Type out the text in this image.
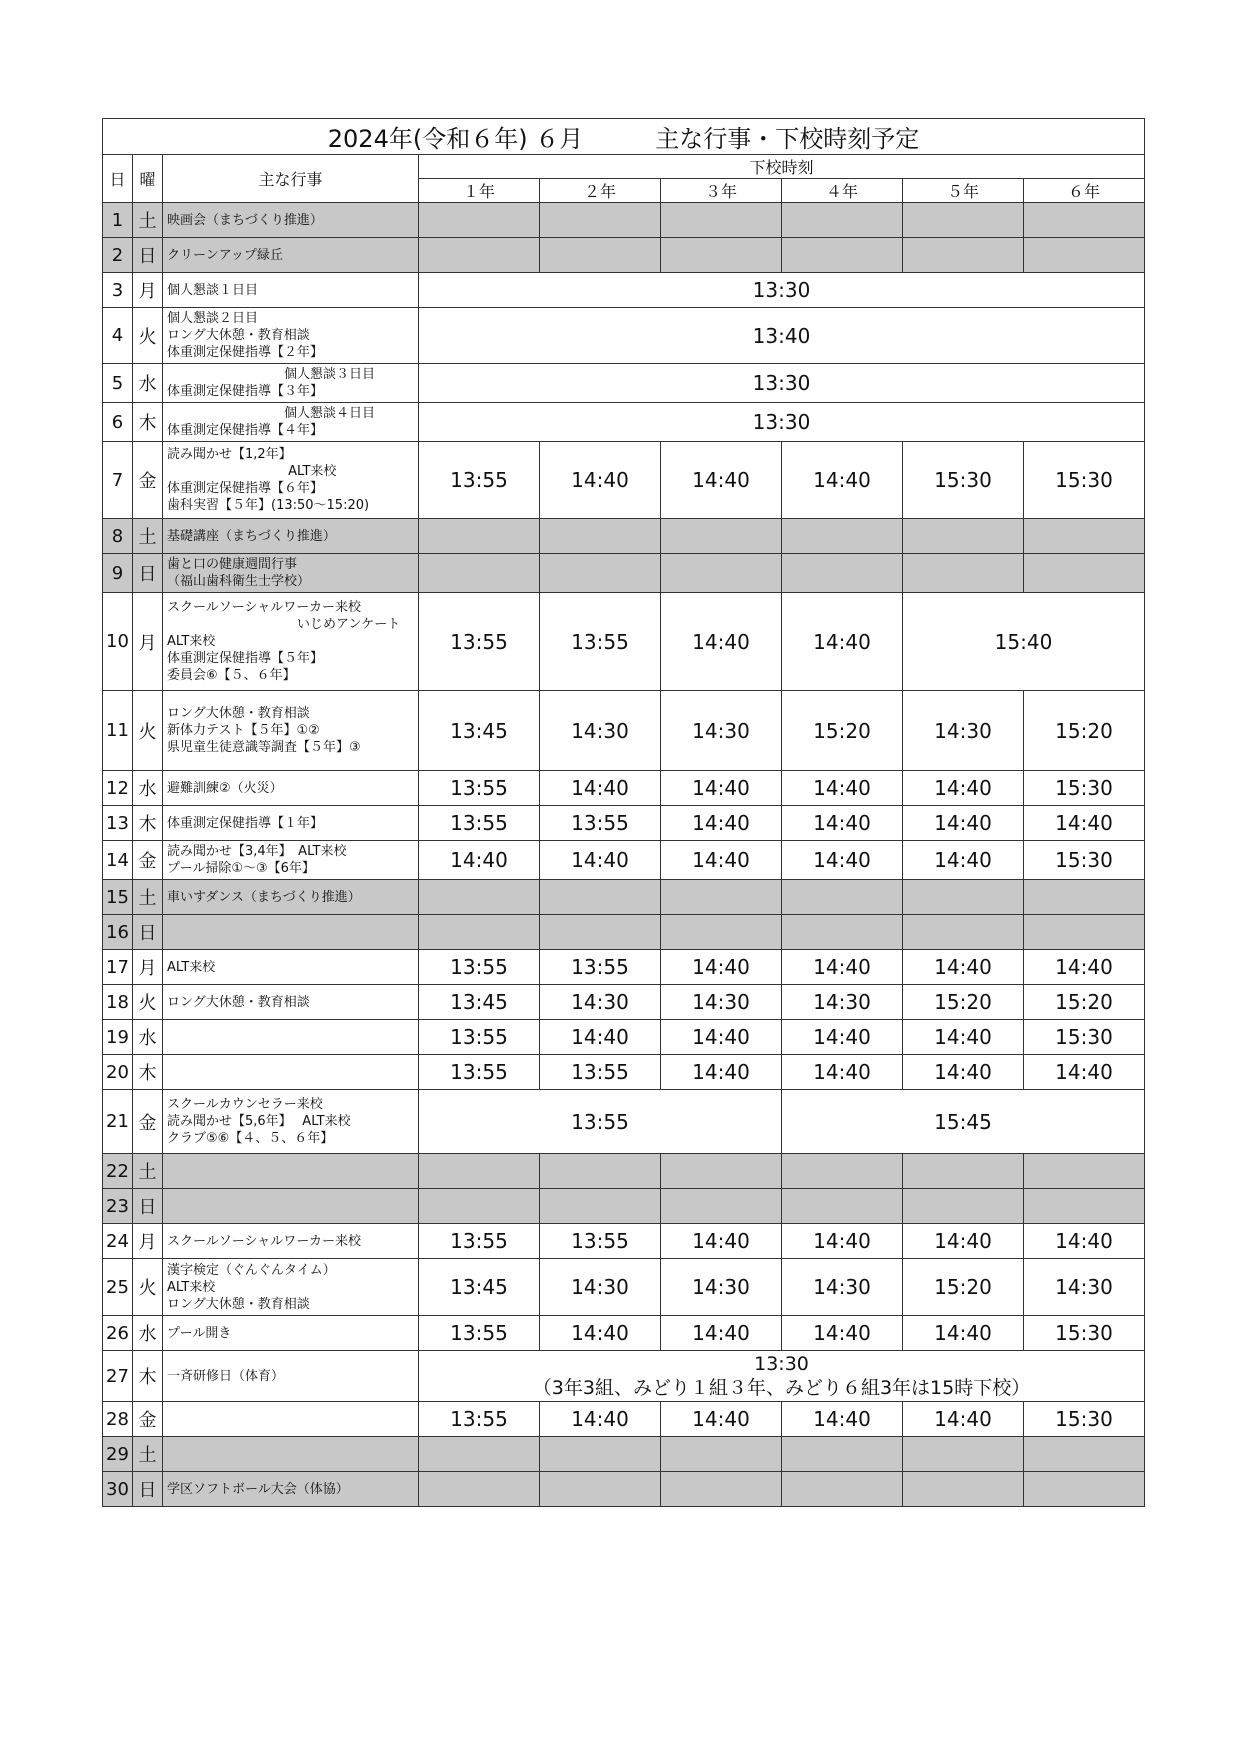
2024年(令和６年) ６月　　　 主な行事・下校時刻予定								
日	曜	主な行事	下校時刻					
			１年	２年	３年	４年	５年	６年
1	土	映画会（まちづくり推進）						

2	日	クリーンアップ緑丘						

3	月	個人懇談１日目	13:30					

4	火	個人懇談２日目
ロング大休憩・教育相談
体重測定保健指導【２年】	13:40					

5	水	　　　　　　　　　個人懇談３日目
体重測定保健指導【３年】	13:30					

6	木	　　　　　　　　　個人懇談４日目
体重測定保健指導【４年】	13:30					

7	金	読み聞かせ【1,2年】
　　　　　　　　　 ALT来校
体重測定保健指導【６年】
歯科実習【５年】(13:50～15:20)	13:55	14:40	14:40	14:40	15:30	15:30
8	土	基礎講座（まちづくり推進）						

9	日	歯と口の健康週間行事
（福山歯科衛生士学校）						

10	月	スクールソーシャルワーカー来校
　　　　　　　　　　いじめアンケート
ALT来校
体重測定保健指導【５年】
委員会⑥【５、６年】	13:55	13:55	14:40	14:40	15:40	

11	火	ロング大休憩・教育相談
新体力テスト【５年】①②
県児童生徒意識等調査【５年】③	13:45	14:30	14:30	15:20	14:30	15:20
12	水	避難訓練②（火災）	13:55	14:40	14:40	14:40	14:40	15:30
13	木	体重測定保健指導【１年】	13:55	13:55	14:40	14:40	14:40	14:40
14	金	読み聞かせ【3,4年】　ALT来校
プール掃除①～③【6年】	14:40	14:40	14:40	14:40	14:40	15:30
15	土	車いすダンス（まちづくり推進）						

16	日							
17	月	ALT来校	13:55	13:55	14:40	14:40	14:40	14:40
18	火	ロング大休憩・教育相談	13:45	14:30	14:30	14:30	15:20	15:20
19	水		13:55	14:40	14:40	14:40	14:40	15:30
20	木		13:55	13:55	14:40	14:40	14:40	14:40
21	金	スクールカウンセラー来校
読み聞かせ【5,6年】　 ALT来校
クラブ⑤⑥【４、５、６年】	13:55			15:45		

22	土							
23	日							
24	月	スクールソーシャルワーカー来校	13:55	13:55	14:40	14:40	14:40	14:40
25	火	漢字検定（ぐんぐんタイム）
ALT来校
ロング大休憩・教育相談	13:45	14:30	14:30	14:30	15:20	14:30
26	水	プール開き	13:55	14:40	14:40	14:40	14:40	15:30
27	木	一斉研修日（体育）	13:30
（3年3組、みどり１組３年、みどり６組3年は15時下校）					

28	金		13:55	14:40	14:40	14:40	14:40	15:30
29	土							
30	日	学区ソフトボール大会（体協）						
